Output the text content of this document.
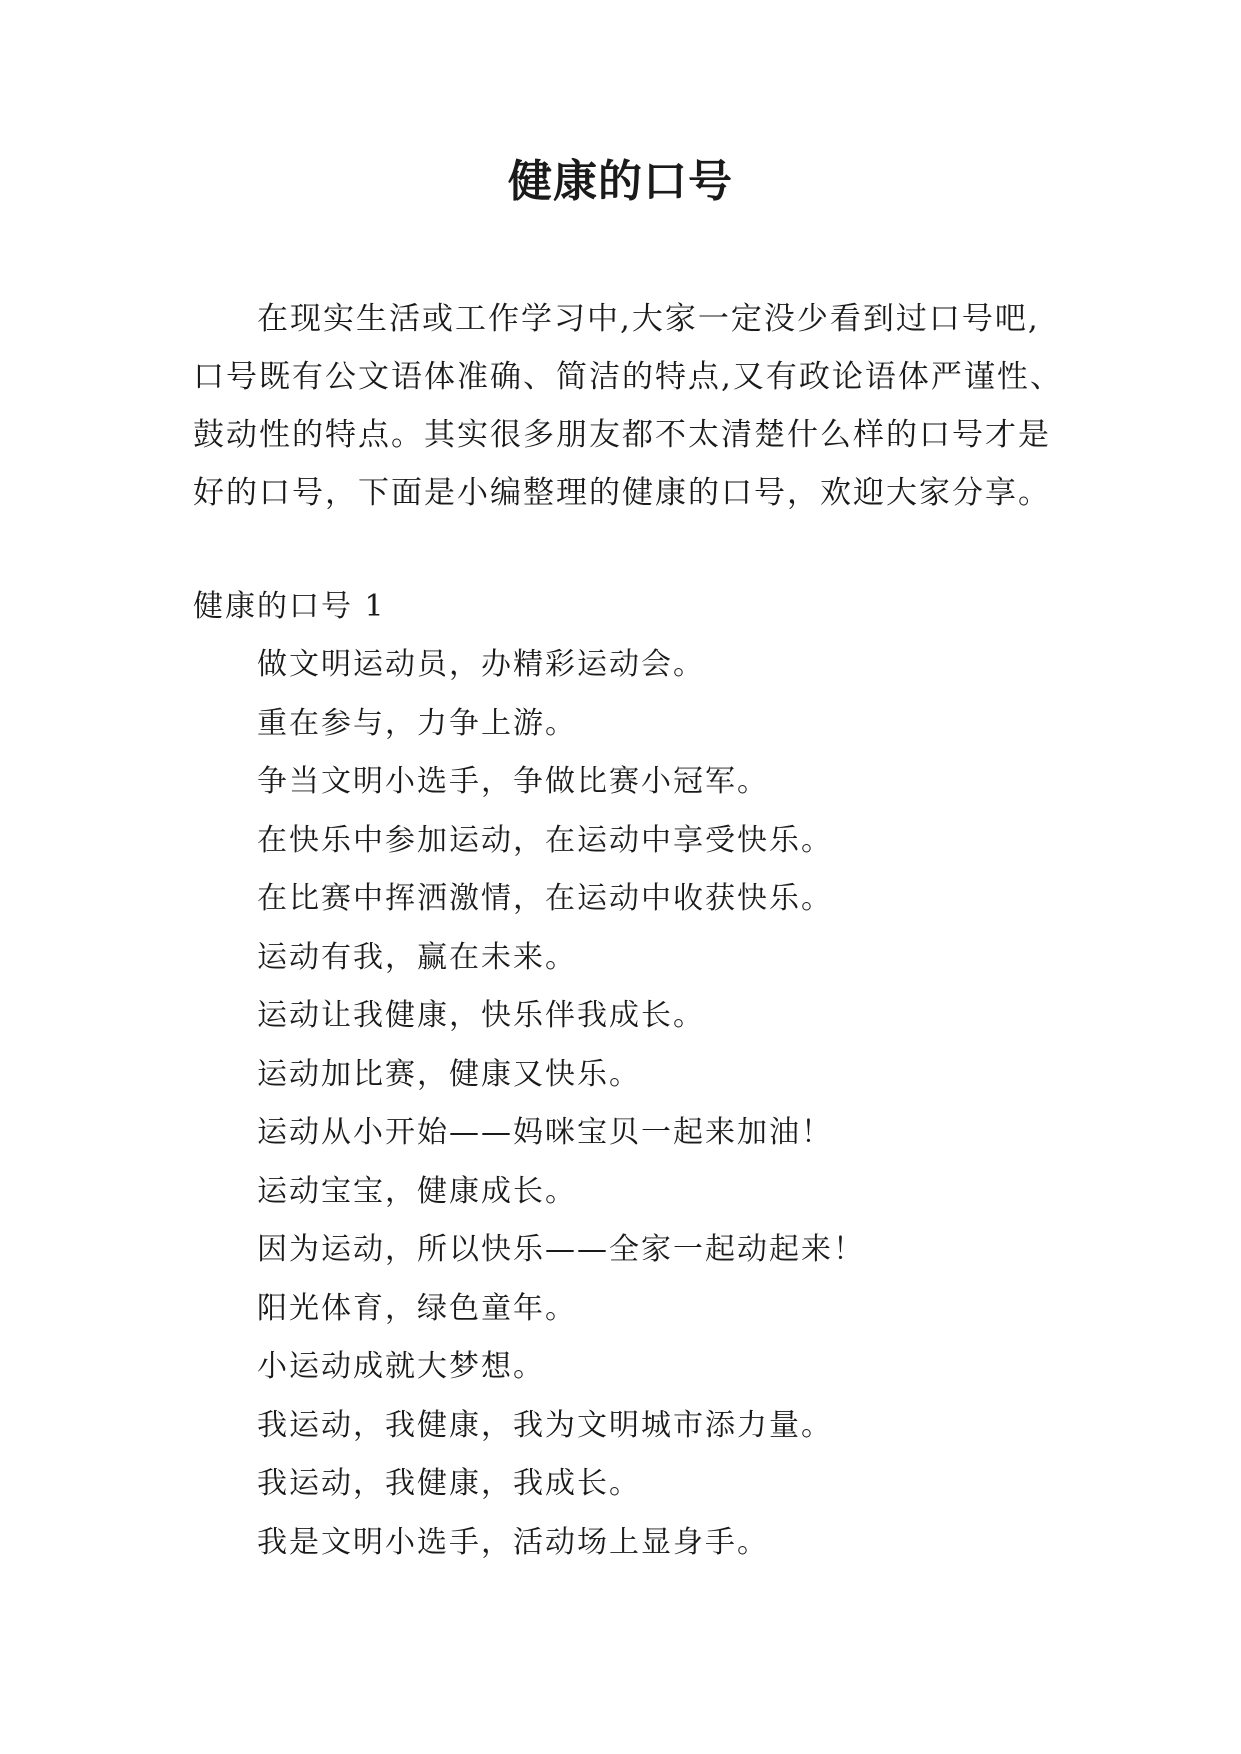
健康的口号
在现实生活或工作学习中,大家一定没少看到过口号吧,
口号既有公文语体准确、简洁的特点,又有政论语体严谨性、
鼓动性的特点。其实很多朋友都不太清楚什么样的口号才是
好的口号，下面是小编整理的健康的口号，欢迎大家分享。
健康的口号 1
做文明运动员，办精彩运动会。
重在参与，力争上游。
争当文明小选手，争做比赛小冠军。
在快乐中参加运动，在运动中享受快乐。
在比赛中挥洒激情，在运动中收获快乐。
运动有我，赢在未来。
运动让我健康，快乐伴我成长。
运动加比赛，健康又快乐。
运动从小开始——妈咪宝贝一起来加油！
运动宝宝，健康成长。
因为运动，所以快乐——全家一起动起来！
阳光体育，绿色童年。
小运动成就大梦想。
我运动，我健康，我为文明城市添力量。
我运动，我健康，我成长。
我是文明小选手，活动场上显身手。
